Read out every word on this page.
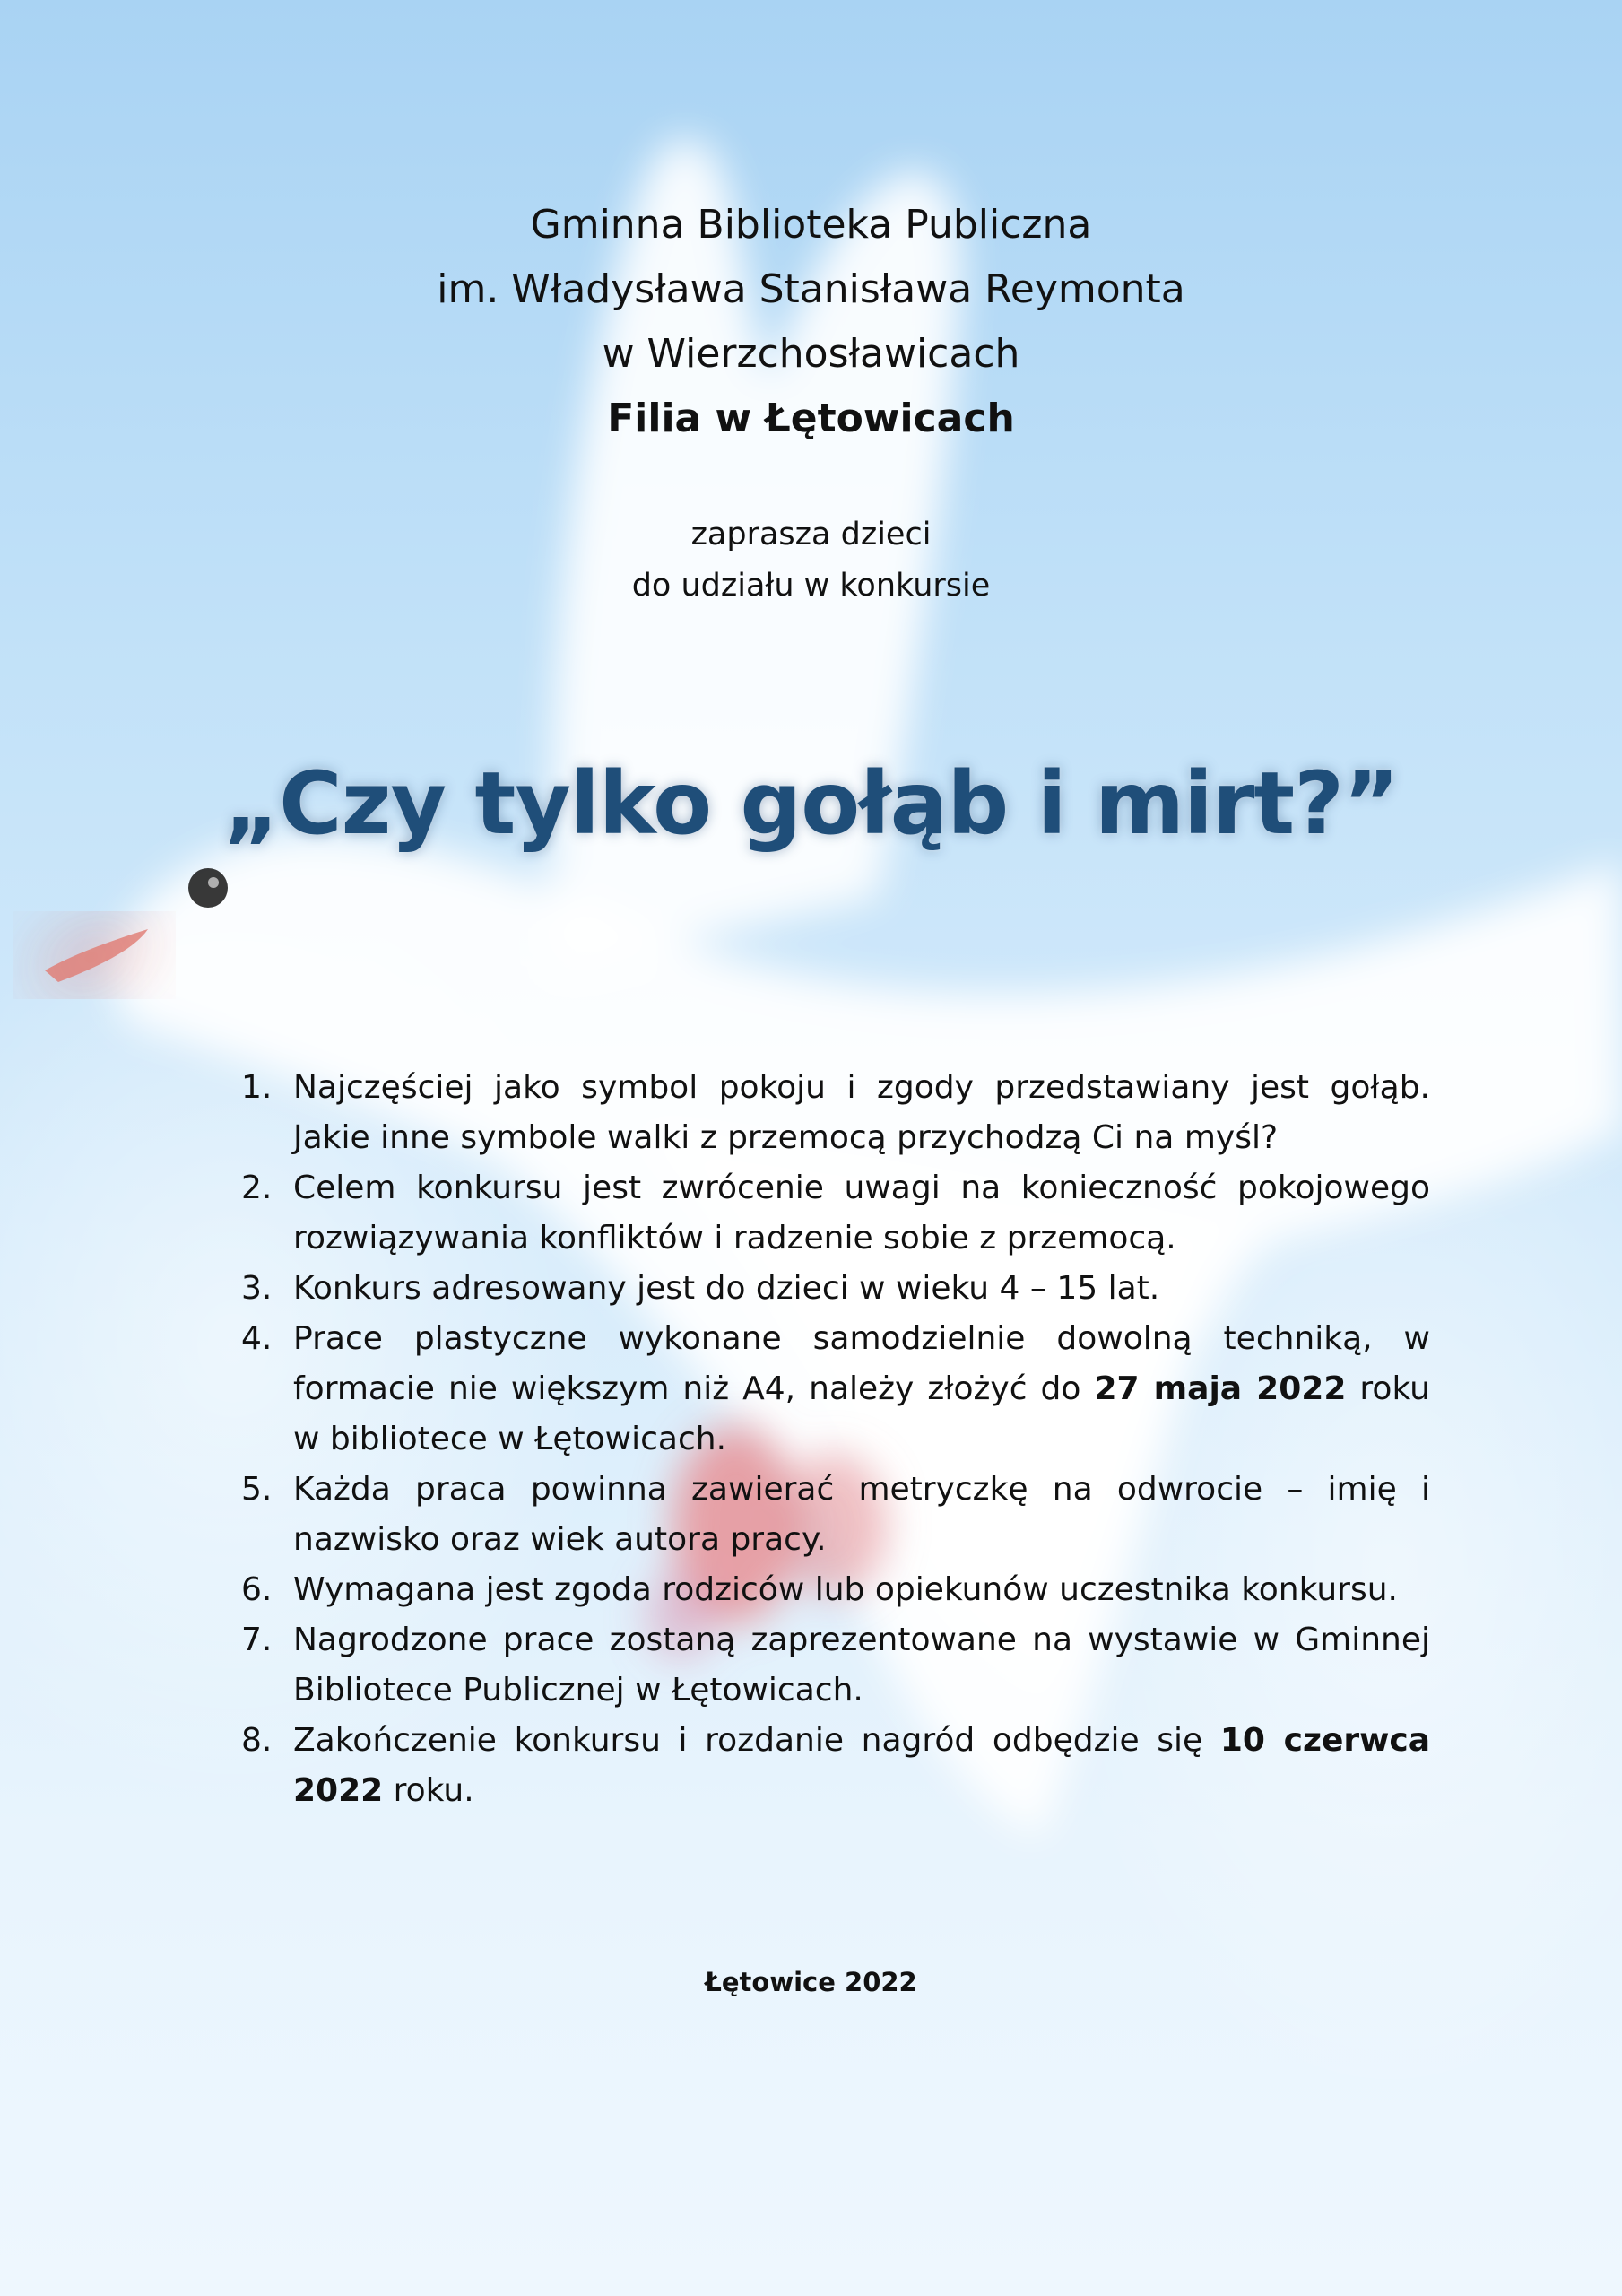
Gminna Biblioteka Publiczna
im. Władysława Stanisława Reymonta
w Wierzchosławicach
Filia w Łętowicach
zaprasza dzieci
do udziału w konkursie
„Czy tylko gołąb i mirt?”
1. Najczęściej jako symbol pokoju i zgody przedstawiany jest gołąb. Jakie inne symbole walki z przemocą przychodzą Ci na myśl?
2. Celem konkursu jest zwrócenie uwagi na konieczność pokojowego rozwiązywania konfliktów i radzenie sobie z przemocą.
3. Konkurs adresowany jest do dzieci w wieku 4 – 15 lat.
4. Prace plastyczne wykonane samodzielnie dowolną techniką, w formacie nie większym niż A4, należy złożyć do 27 maja 2022 roku w bibliotece w Łętowicach.
5. Każda praca powinna zawierać metryczkę na odwrocie – imię i nazwisko oraz wiek autora pracy.
6. Wymagana jest zgoda rodziców lub opiekunów uczestnika konkursu.
7. Nagrodzone prace zostaną zaprezentowane na wystawie w Gminnej Bibliotece Publicznej w Łętowicach.
8. Zakończenie konkursu i rozdanie nagród odbędzie się 10 czerwca 2022 roku.
Łętowice 2022
